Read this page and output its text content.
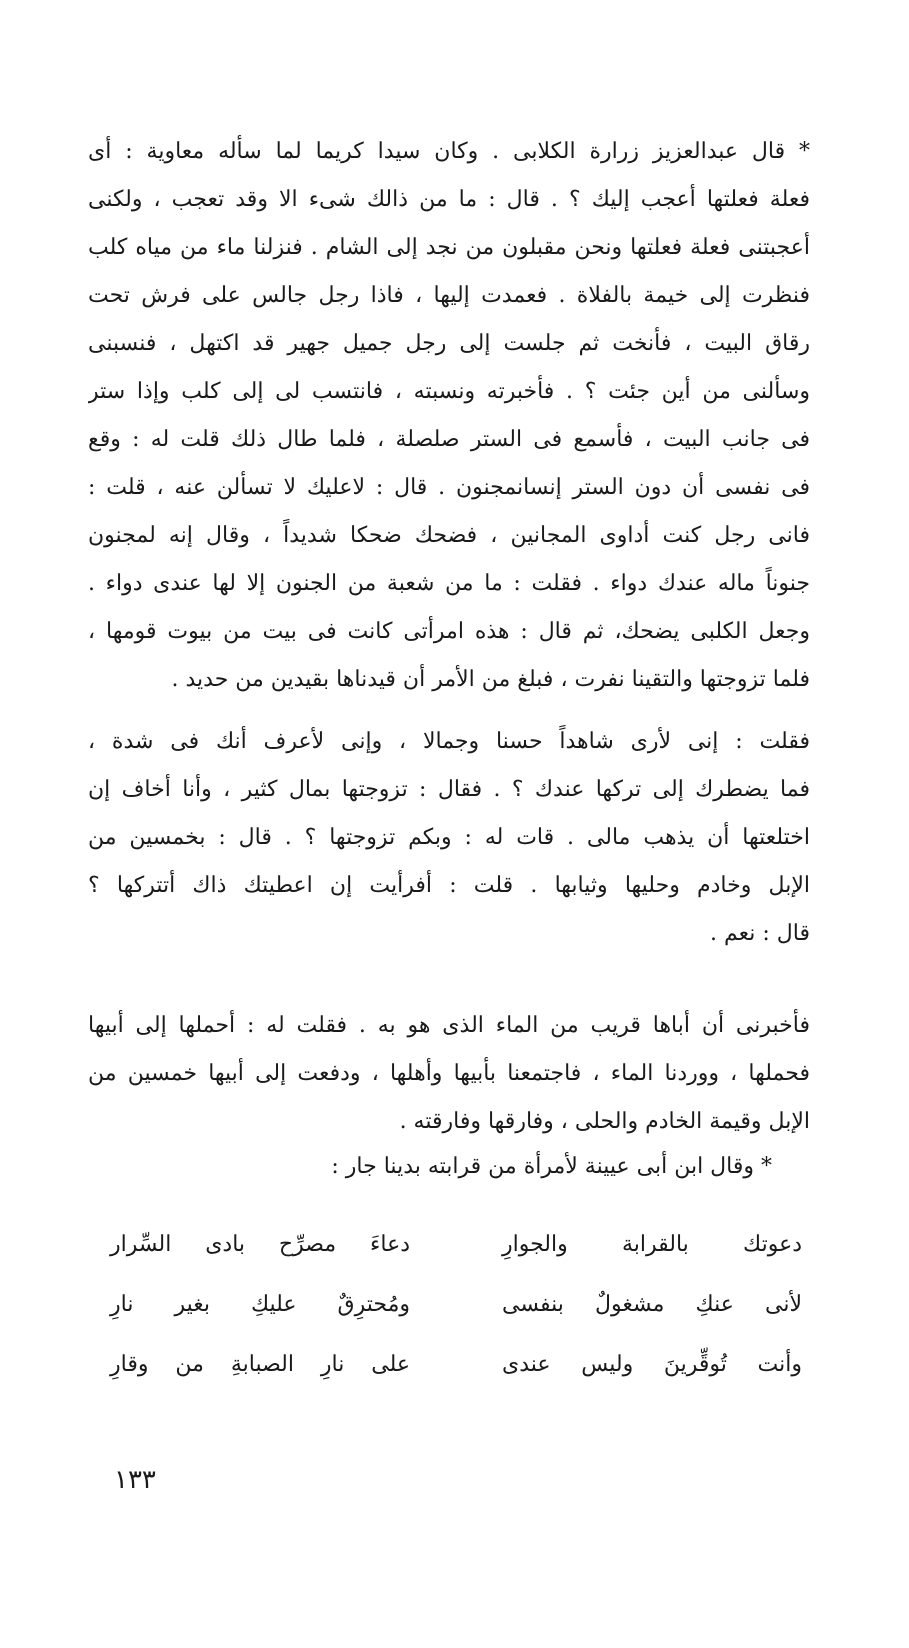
* قال عبدالعزيز زرارة الكلابى . وكان سيدا كريما لما سأله معاوية : أى
فعلة فعلتها أعجب إليك ؟ . قال : ما من ذالك شىء الا وقد تعجب ، ولكنى
أعجبتنى فعلة فعلتها ونحن مقبلون من نجد إلى الشام . فنزلنا ماء من مياه كلب
فنظرت إلى خيمة بالفلاة . فعمدت إليها ، فاذا رجل جالس على فرش تحت
رقاق البيت ، فأنخت ثم جلست إلى رجل جميل جهير قد اكتهل ، فنسبنى
وسألنى من أين جئت ؟ . فأخبرته ونسبته ، فانتسب لى إلى كلب وإذا ستر
فى جانب البيت ، فأسمع فى الستر صلصلة ، فلما طال ذلك قلت له : وقع
فى نفسى أن دون الستر إنسانمجنون . قال : لاعليك لا تسألن عنه ، قلت :
فانى رجل كنت أداوى المجانين ، فضحك ضحكا شديداً ، وقال إنه لمجنون
جنوناً ماله عندك دواء . فقلت : ما من شعبة من الجنون إلا لها عندى دواء .
وجعل الكلبى يضحك، ثم قال : هذه امرأتى كانت فى بيت من بيوت قومها ،
فلما تزوجتها والتقينا نفرت ، فبلغ من الأمر أن قيدناها بقيدين من حديد .
فقلت : إنى لأرى شاهداً حسنا وجمالا ، وإنى لأعرف أنك فى شدة ،
فما يضطرك إلى تركها عندك ؟ . فقال : تزوجتها بمال كثير ، وأنا أخاف إن
اختلعتها أن يذهب مالى . قات له : وبكم تزوجتها ؟ . قال : بخمسين من
الإبل وخادم وحليها وثيابها . قلت : أفرأيت إن اعطيتك ذاك أتتركها ؟
قال : نعم .
فأخبرنى أن أباها قريب من الماء الذى هو به . فقلت له : أحملها إلى أبيها
فحملها ، ووردنا الماء ، فاجتمعنا بأبيها وأهلها ، ودفعت إلى أبيها خمسين من
الإبل وقيمة الخادم والحلى ، وفارقها وفارقته .
* وقال ابن أبى عيينة لأمرأة من قرابته بدينا جار :
دعوتك بالقرابة والجوارِ
دعاءَ مصرِّح بادى السِّرار
لأنى عنكِ مشغولٌ بنفسى
ومُحترِقٌ عليكِ بغير نارِ
وأنت تُوقِّرينَ وليس عندى
على نارِ الصبابةِ من وقارِ
١٣٣
